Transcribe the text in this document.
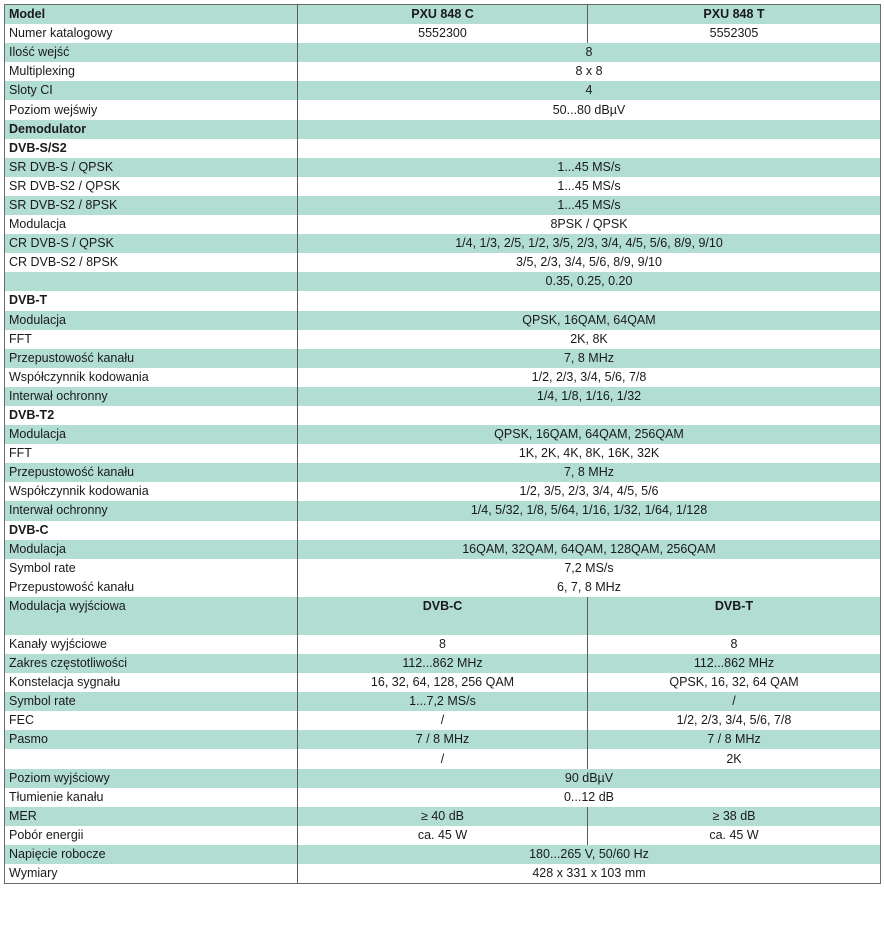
Model	PXU 848 C	PXU 848 T
Numer katalogowy	5552300	5552305
Ilość wejść	8	
Multiplexing	8 x 8	
Sloty CI	4	
Poziom wejświy	50...80 dBµV	
Demodulator		
DVB-S/S2		
SR DVB-S / QPSK	1...45 MS/s	
SR DVB-S2 / QPSK	1...45 MS/s	
SR DVB-S2 / 8PSK	1...45 MS/s	
Modulacja	8PSK / QPSK	
CR DVB-S / QPSK	1/4, 1/3, 2/5, 1/2, 3/5, 2/3, 3/4, 4/5, 5/6, 8/9, 9/10	
CR DVB-S2 / 8PSK	3/5, 2/3, 3/4, 5/6, 8/9, 9/10	
	0.35, 0.25, 0.20	
DVB-T		
Modulacja	QPSK, 16QAM, 64QAM	
FFT	2K, 8K	
Przepustowość kanału	7, 8 MHz	
Współczynnik kodowania	1/2, 2/3, 3/4, 5/6, 7/8	
Interwał ochronny	1/4, 1/8, 1/16, 1/32	
DVB-T2		
Modulacja	QPSK, 16QAM, 64QAM, 256QAM	
FFT	1K, 2K, 4K, 8K, 16K, 32K	
Przepustowość kanału	7, 8 MHz	
Współczynnik kodowania	1/2, 3/5, 2/3, 3/4, 4/5, 5/6	
Interwał ochronny	1/4, 5/32, 1/8, 5/64, 1/16, 1/32, 1/64, 1/128	
DVB-C		
Modulacja	16QAM, 32QAM, 64QAM, 128QAM, 256QAM	
Symbol rate	7,2 MS/s	
Przepustowość kanału	6, 7, 8 MHz	
Modulacja wyjściowa	DVB-C	DVB-T
Kanały wyjściowe	8	8
Zakres częstotliwości	112...862 MHz	112...862 MHz
Konstelacja sygnału	16, 32, 64, 128, 256 QAM	QPSK, 16, 32, 64 QAM
Symbol rate	1...7,2 MS/s	/
FEC	/	1/2, 2/3, 3/4, 5/6, 7/8
Pasmo	7 / 8 MHz	7 / 8 MHz
	/	2K
Poziom wyjściowy	90 dBµV	
Tłumienie kanału	0...12 dB	
MER	≥ 40 dB	≥ 38 dB
Pobór energii	ca. 45 W	ca. 45 W
Napięcie robocze	180...265 V, 50/60 Hz	
Wymiary	428 x 331 x 103 mm	
